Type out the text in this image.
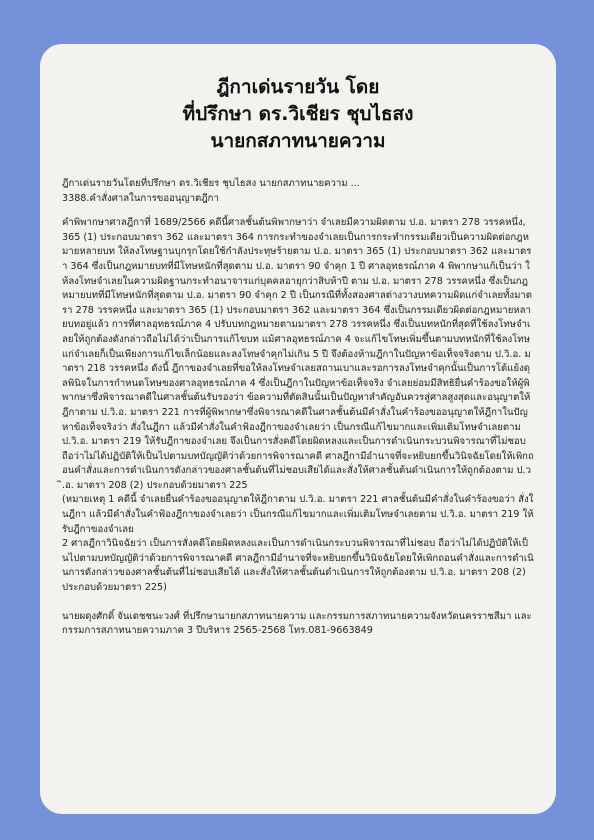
ฎีกาเด่นรายวัน โดย
ที่ปรึกษา ดร.วิเชียร ชุบไธสง
นายกสภาทนายความ

ฎีกาเด่นรายวันโดยที่ปรึกษา ดร.วิเชียร ชุบไธสง นายกสภาทนายความ ...

3388.คำสั่งศาลในการขออนุญาตฎีกา

คำพิพากษาศาลฎีกาที่ 1689/2566 คดีนี้ศาลชั้นต้นพิพากษาว่า จำเลยมีความผิดตาม ป.อ. มาตรา 278 วรรคหนึ่ง, 365 (1) ประกอบมาตรา 362 และมาตรา 364 การกระทำของจำเลยเป็นการกระทำกรรมเดียวเป็นความผิดต่อกฎหมายหลายบท ให้ลงโทษฐานบุกรุกโดยใช้กำลังประทุษร้ายตาม ป.อ. มาตรา 365 (1) ประกอบมาตรา 362 และมาตรา 364 ซึ่งเป็นกฎหมายบทที่มีโทษหนักที่สุดตาม ป.อ. มาตรา 90 จำคุก 1 ปี ศาลอุทธรณ์ภาค 4 พิพากษาแก้เป็นว่า ให้ลงโทษจำเลยในความผิดฐานกระทำอนาจารแก่บุคคลอายุกว่าสิบห้าปี ตาม ป.อ. มาตรา 278 วรรคหนึ่ง ซึ่งเป็นกฎหมายบทที่มีโทษหนักที่สุดตาม ป.อ. มาตรา 90 จำคุก 2 ปี เป็นกรณีที่ทั้งสองศาลต่างวางบทความผิดแก่จำเลยทั้งมาตรา 278 วรรคหนึ่ง และมาตรา 365 (1) ประกอบมาตรา 362 และมาตรา 364 ซึ่งเป็นกรรมเดียวผิดต่อกฎหมายหลายบทอยู่แล้ว การที่ศาลอุทธรณ์ภาค 4 ปรับบทกฎหมายตามมาตรา 278 วรรคหนึ่ง ซึ่งเป็นบทหนักที่สุดที่ใช้ลงโทษจำเลยให้ถูกต้องดังกล่าวถือไม่ได้ว่าเป็นการแก้ไขบท แม้ศาลอุทธรณ์ภาค 4 จะแก้ไขโทษเพิ่มขึ้นตามบทหนักที่ใช้ลงโทษแก่จำเลยก็เป็นเพียงการแก้ไขเล็กน้อยและลงโทษจำคุกไม่เกิน 5 ปี จึงต้องห้ามฎีกาในปัญหาข้อเท็จจริงตาม ป.วิ.อ. มาตรา 218 วรรคหนึ่ง ดังนี้ ฎีกาของจำเลยที่ขอให้ลงโทษจำเลยสถานเบาและรอการลงโทษจำคุกนั้นเป็นการโต้แย้งดุลพินิจในการกำหนดโทษของศาลอุทธรณ์ภาค 4 ซึ่งเป็นฎีกาในปัญหาข้อเท็จจริง จำเลยย่อมมีสิทธิยื่นคำร้องขอให้ผู้พิพากษาซึ่งพิจารณาคดีในศาลชั้นต้นรับรองว่า ข้อความที่ตัดสินนั้นเป็นปัญหาสำคัญอันควรสู่ศาลสูงสุดและอนุญาตให้ฎีกาตาม ป.วิ.อ. มาตรา 221 การที่ผู้พิพากษาซึ่งพิจารณาคดีในศาลชั้นต้นมีคำสั่งในคำร้องขออนุญาตให้ฎีกาในปัญหาข้อเท็จจริงว่า สั่งในฎีกา แล้วมีคำสั่งในคำฟ้องฎีกาของจำเลยว่า เป็นกรณีแก้ไขมากและเพิ่มเติมโทษจำเลยตาม ป.วิ.อ. มาตรา 219 ให้รับฎีกาของจำเลย จึงเป็นการสั่งคดีโดยผิดหลงและเป็นการดำเนินกระบวนพิจารณาที่ไม่ชอบ ถือว่าไม่ได้ปฏิบัติให้เป็นไปตามบทบัญญัติว่าด้วยการพิจารณาคดี ศาลฎีกามีอำนาจที่จะหยิบยกขึ้นวินิจฉัยโดยให้เพิกถอนคำสั่งและการดำเนินการดังกล่าวของศาลชั้นต้นที่ไม่ชอบเสียได้และสั่งให้ศาลชั้นต้นดำเนินการให้ถูกต้องตาม ป.วิ.อ. มาตรา 208 (2) ประกอบด้วยมาตรา 225

(หมายเหตุ 1 คดีนี้ จำเลยยื่นคำร้องขออนุญาตให้ฎีกาตาม ป.วิ.อ. มาตรา 221 ศาลชั้นต้นมีคำสั่งในคำร้องขอว่า สั่งในฎีกา แล้วมีคำสั่งในคำฟ้องฎีกาของจำเลยว่า เป็นกรณีแก้ไขมากและเพิ่มเติมโทษจำเลยตาม ป.วิ.อ. มาตรา 219 ให้รับฎีกาของจำเลย

2 ศาลฎีกาวินิจฉัยว่า เป็นการสั่งคดีโดยผิดหลงและเป็นการดำเนินกระบวนพิจารณาที่ไม่ชอบ ถือว่าไม่ได้ปฏิบัติให้เป็นไปตามบทบัญญัติว่าด้วยการพิจารณาคดี ศาลฎีกามีอำนาจที่จะหยิบยกขึ้นวินิจฉัยโดยให้เพิกถอนคำสั่งและการดำเนินการดังกล่าวของศาลชั้นต้นที่ไม่ชอบเสียได้ และสั่งให้ศาลชั้นต้นดำเนินการให้ถูกต้องตาม ป.วิ.อ. มาตรา 208 (2) ประกอบด้วยมาตรา 225)

นายผดุงศักดิ์ จันเดชชนะวงศ์ ที่ปรึกษานายกสภาทนายความ และกรรมการสภาทนายความจังหวัดนครราชสีมา และกรรมการสภาทนายความภาค 3 ปีบริหาร 2565-2568 โทร.081-9663849
